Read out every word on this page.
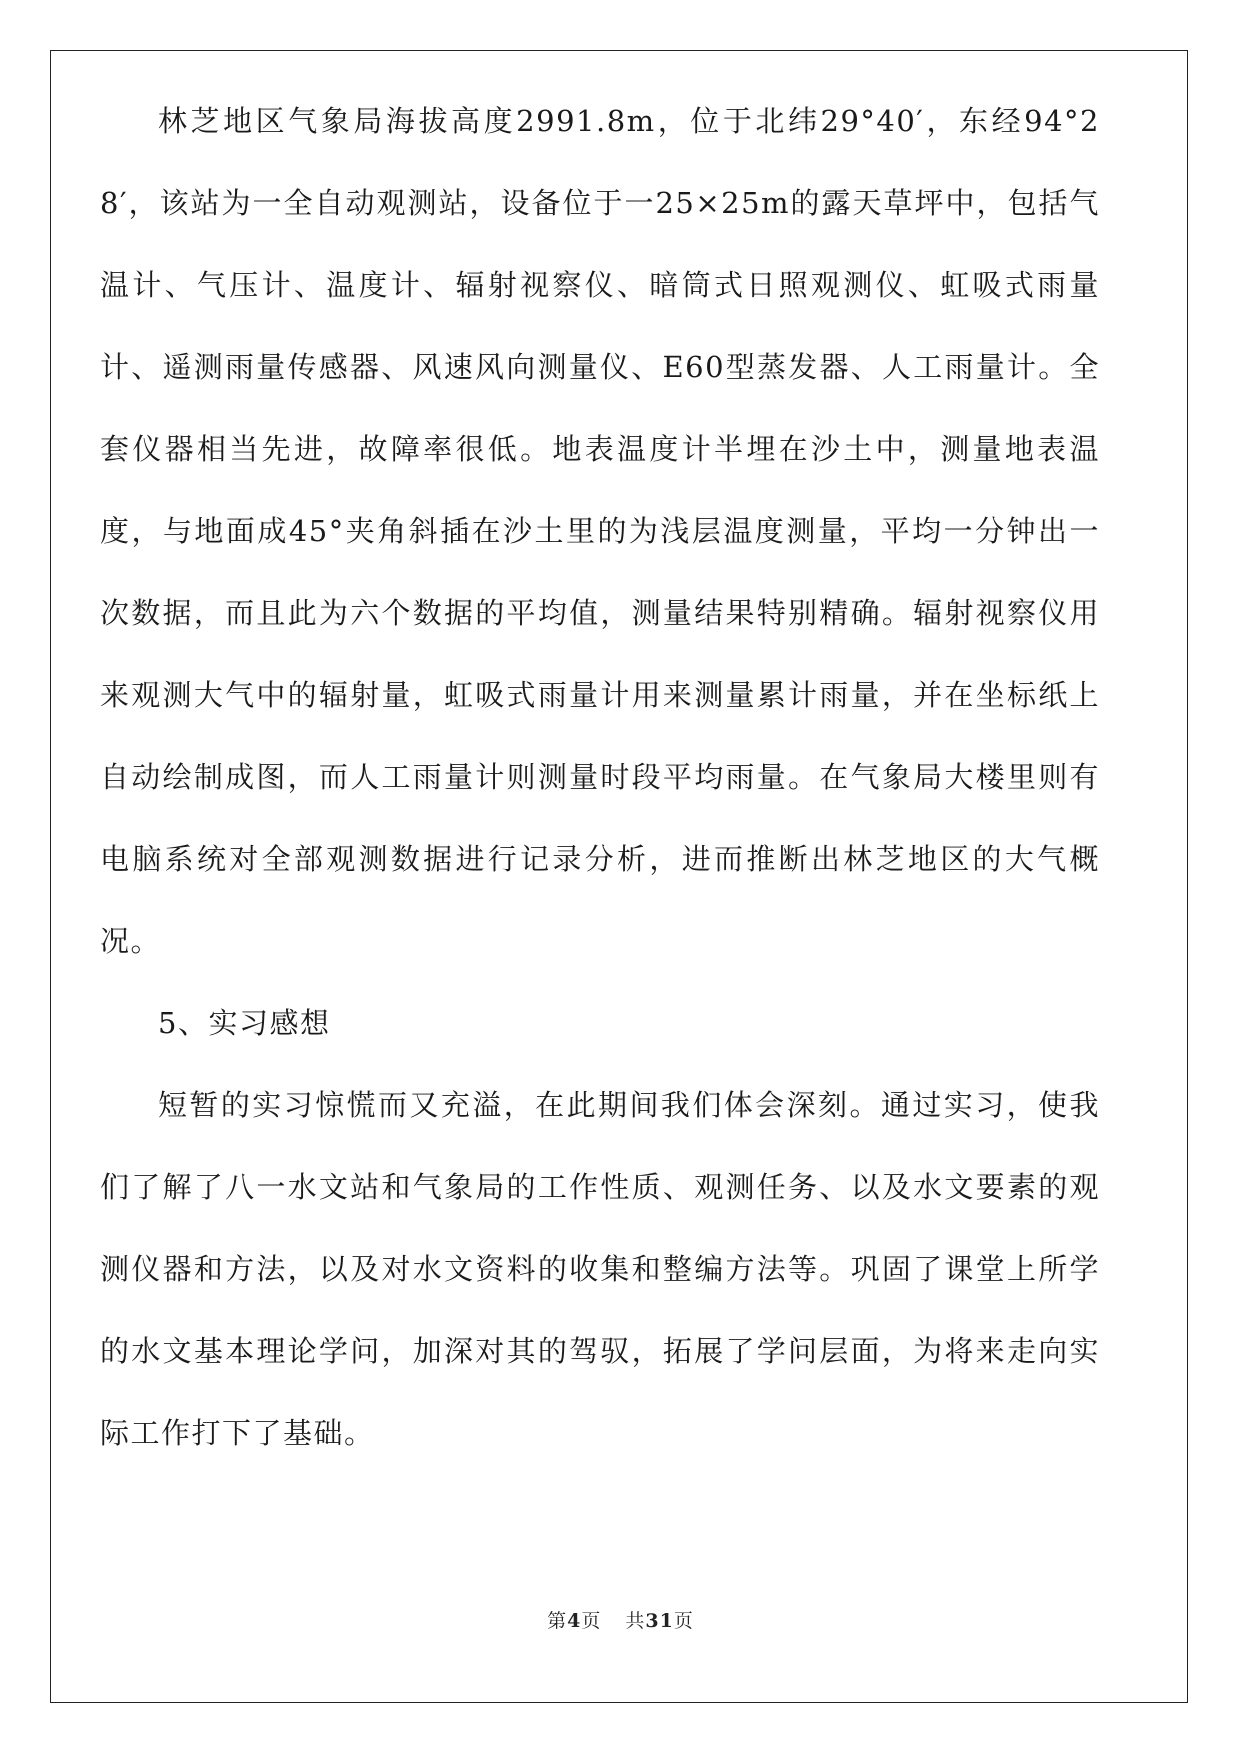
林芝地区气象局海拔高度2991.8m，位于北纬29°40′，东经94°28′，该站为一全自动观测站，设备位于一25×25m的露天草坪中，包括气温计、气压计、温度计、辐射视察仪、暗筒式日照观测仪、虹吸式雨量计、遥测雨量传感器、风速风向测量仪、E60型蒸发器、人工雨量计。全套仪器相当先进，故障率很低。地表温度计半埋在沙土中，测量地表温度，与地面成45°夹角斜插在沙土里的为浅层温度测量，平均一分钟出一次数据，而且此为六个数据的平均值，测量结果特别精确。辐射视察仪用来观测大气中的辐射量，虹吸式雨量计用来测量累计雨量，并在坐标纸上自动绘制成图，而人工雨量计则测量时段平均雨量。在气象局大楼里则有电脑系统对全部观测数据进行记录分析，进而推断出林芝地区的大气概况。

5、实习感想

短暂的实习惊慌而又充溢，在此期间我们体会深刻。通过实习，使我们了解了八一水文站和气象局的工作性质、观测任务、以及水文要素的观测仪器和方法，以及对水文资料的收集和整编方法等。巩固了课堂上所学的水文基本理论学问，加深对其的驾驭，拓展了学问层面，为将来走向实际工作打下了基础。

第4页 共31页
